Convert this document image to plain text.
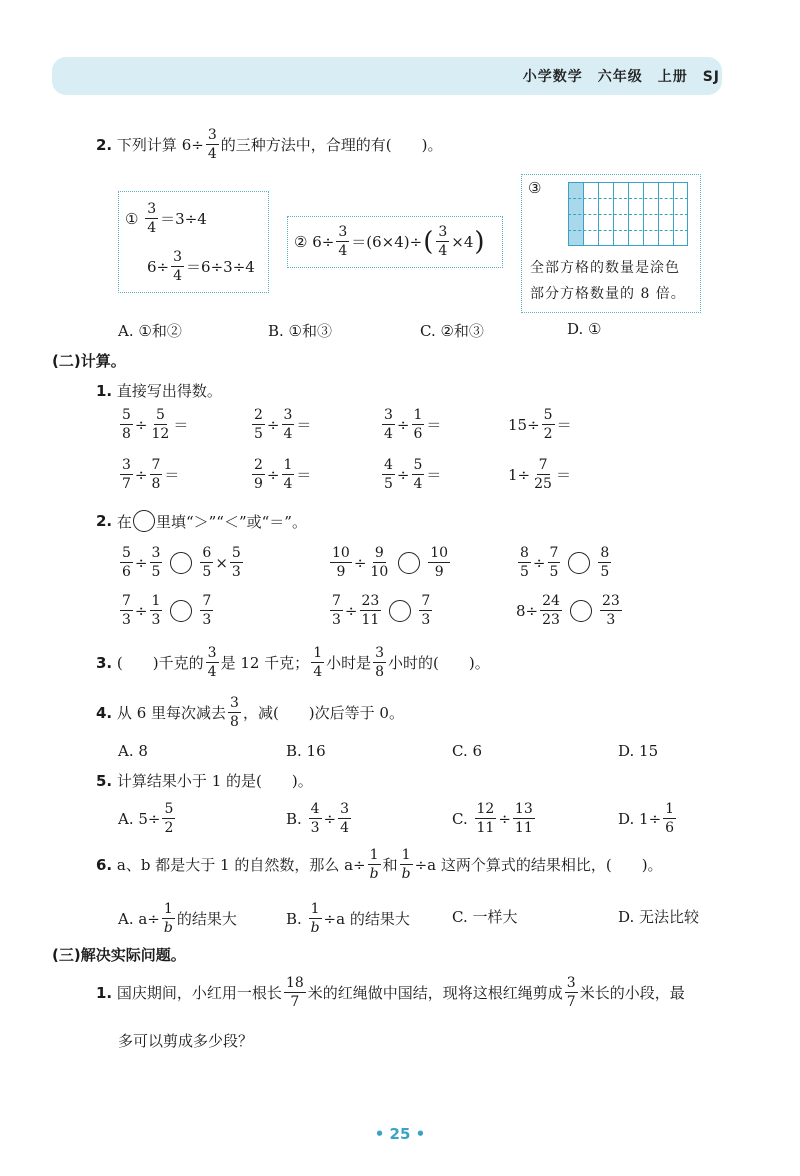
小学数学　六年级　上册　SJ
2.
下列计算 $6\div \frac{3}{4}$ 的三种方法中，合理的有(　　)。
①
$\frac{3}{4} =3\div 4$
$6\div \frac{3}{4} =6\div 3\div 4$
②
$6\div \frac{3}{4} =(6\times 4)\div$ ( $\frac{3}{4} \times 4$ )
③
全部方格的数量是涂色
部分方格数量的 8 倍。
A. ①和②	B. ①和③	C. ②和③	D. ①
(二)计算。
1.
直接写出得数。
$\frac{5}{8} \div \frac{5}{12}$ ＝	$\frac{2}{5} \div \frac{3}{4}$ ＝	$\frac{3}{4} \div \frac{1}{6}$ ＝	$15\div \frac{5}{2}$ ＝
$\frac{3}{7} \div \frac{7}{8}$ ＝	$\frac{2}{9} \div \frac{1}{4}$ ＝	$\frac{4}{5} \div \frac{5}{4}$ ＝	$1\div \frac{7}{25}$ ＝
2.
在 里填“＞”“＜”或“＝”。
$\frac{5}{6} \div \frac{3}{5}$	$\frac{6}{5} \times \frac{5}{3}$	$\frac{10}{9} \div \frac{9}{10}$	$\frac{10}{9}$	$\frac{8}{5} \div \frac{7}{5}$	$\frac{8}{5}$
$\frac{7}{3} \div \frac{1}{3}$	$\frac{7}{3}$	$\frac{7}{3} \div \frac{23}{11}$	$\frac{7}{3}$	$8\div \frac{24}{23}$	$\frac{23}{3}$
3.
(　　)千克的 $\frac{3}{4}$ 是 12 千克； $\frac{1}{4}$ 小时是 $\frac{3}{8}$ 小时的(　　)。
4.
从 6 里每次减去 $\frac{3}{8}$ ，减(　　)次后等于 0。
A. 8	B. 16	C. 6	D. 15
5.
计算结果小于 1 的是(　　)。
A. $5\div \frac{5}{2}$	B.
$\frac{4}{3} \div \frac{3}{4}$	C.
$\frac{12}{11} \div \frac{13}{11}$	D. $1\div \frac{1}{6}$
6.
a、b 都是大于 1 的自然数，那么 $a\div \frac{1}{b}$ 和 $\frac{1}{b} \div a$ 这两个算式的结果相比，(　　)。
A. $a\div \frac{1}{b}$ 的结果大	B.
$\frac{1}{b} \div a$ 的结果大	C. 一样大	D. 无法比较
(三)解决实际问题。
1.
国庆期间，小红用一根长 $\frac{18}{7}$ 米的红绳做中国结，现将这根红绳剪成 $\frac{3}{7}$ 米长的小段，最
多可以剪成多少段？
• 25 •
